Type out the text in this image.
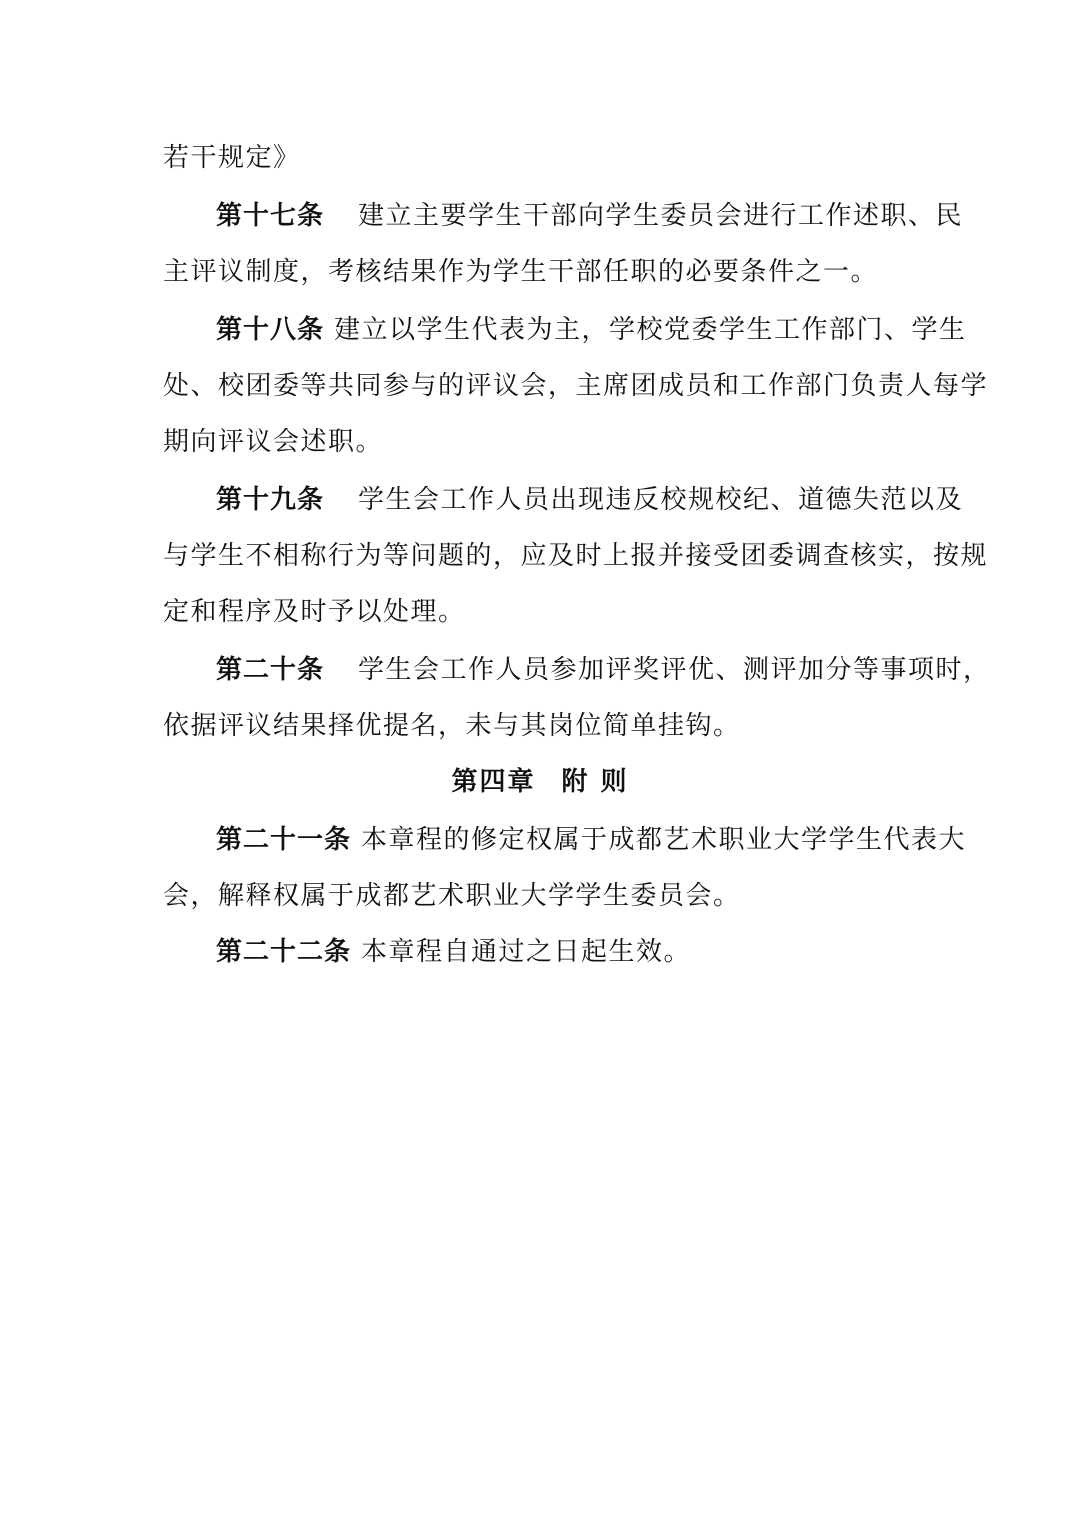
若干规定》
第十七条 建立主要学生干部向学生委员会进行工作述职、民
主评议制度，考核结果作为学生干部任职的必要条件之一。
第十八条 建立以学生代表为主，学校党委学生工作部门、学生
处、校团委等共同参与的评议会，主席团成员和工作部门负责人每学
期向评议会述职。
第十九条 学生会工作人员出现违反校规校纪、道德失范以及
与学生不相称行为等问题的，应及时上报并接受团委调查核实，按规
定和程序及时予以处理。
第二十条 学生会工作人员参加评奖评优、测评加分等事项时，
依据评议结果择优提名，未与其岗位简单挂钩。
第四章 附 则
第二十一条 本章程的修定权属于成都艺术职业大学学生代表大
会，解释权属于成都艺术职业大学学生委员会。
第二十二条 本章程自通过之日起生效。
